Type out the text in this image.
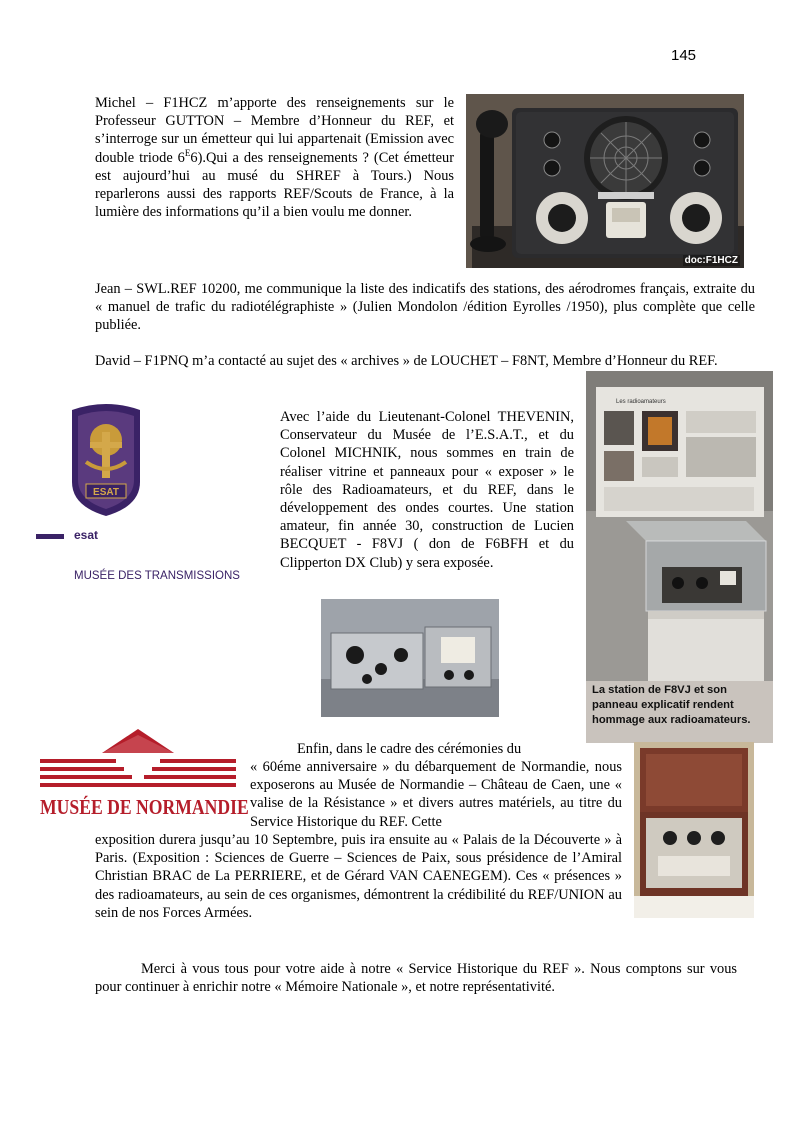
145
Michel – F1HCZ m’apporte des renseignements sur le Professeur GUTTON – Membre d’Honneur du REF, et s’interroge sur un émetteur qui lui appartenait (Emission avec double triode $6^E6).Qui$ a des renseignements ? (Cet émetteur est aujourd’hui au musé du SHREF à Tours.) Nous reparlerons aussi des rapports REF/Scouts de France, à la lumière des informations qu’il a bien voulu me donner.
doc:F1HCZ
Jean – SWL.REF 10200, me communique la liste des indicatifs des stations, des aérodromes français, extraite du « manuel de trafic du radiotélégraphiste » (Julien Mondolon /édition Eyrolles /1950), plus complète que celle publiée.
David – F1PNQ m’a contacté au sujet des « archives » de LOUCHET – F8NT, Membre d’Honneur du REF.
ESAT
esat
MUSÉE DES TRANSMISSIONS
Avec l’aide du Lieutenant-Colonel THEVENIN, Conservateur du Musée de l’E.S.A.T., et du Colonel MICHNIK, nous sommes en train de réaliser vitrine et panneaux pour « exposer » le rôle des Radioamateurs, et du REF, dans le développement des ondes courtes. Une station amateur, fin année 30, construction de Lucien BECQUET - F8VJ ( don de F6BFH et du Clipperton DX Club) y sera exposée.
Les radioamateurs
La station de F8VJ et son panneau explicatif rendent hommage aux radioamateurs.
MUSÉE DE NORMANDIE
Enfin, dans le cadre des cérémonies du
« 60éme anniversaire » du débarquement de Normandie, nous exposerons au Musée de Normandie – Château de Caen, une « valise de la Résistance » et divers autres matériels, au titre du Service Historique du REF. Cette
exposition durera jusqu’au 10 Septembre, puis ira ensuite au « Palais de la Découverte » à Paris. (Exposition : Sciences de Guerre – Sciences de Paix, sous présidence de l’Amiral Christian BRAC de La PERRIERE, et de Gérard VAN CAENEGEM). Ces « présences » des radioamateurs, au sein de ces organismes, démontrent la crédibilité du REF/UNION au sein de nos Forces Armées.
Merci à vous tous pour votre aide à notre « Service Historique du REF ». Nous comptons sur vous pour continuer à enrichir notre « Mémoire Nationale », et notre représentativité.
